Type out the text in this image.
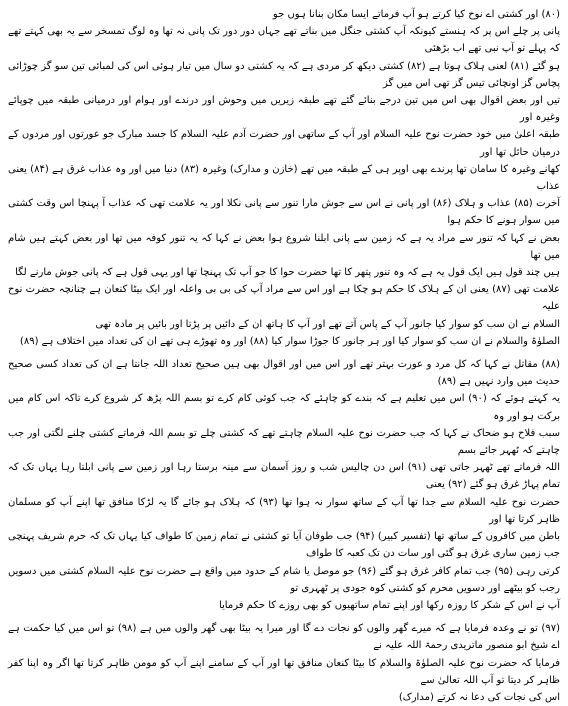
(۸۰) اور کشتی اے نوح کیا کرتے ہو آپ فرماتے ایسا مکان بنانا ہوں جو
پانی پر چلے اس پر کہ ہنستے کیونکہ آپ کشتی جنگل میں بناتے تھے جہاں دور دور تک پانی نہ تھا وہ لوگ تمسخر سے یہ بھی کہتے تھے کہ پہلے تو آپ نبی تھے اب بڑھئی
ہو گئے (۸۱) لعنی ہلاک ہوتا ہے (۸۲) کشتی دیکھ کر مردی ہے کہ یہ کشتی دو سال میں تیار ہوئی اس کی لمبائی تین سو گز چوڑائی پچاس گز اونچائی تیس گز تھی اس میں گز
تیں اور بعض اقوال بھی اس میں تین درجے بنائے گئے تھے طبقہ زیریں میں وحوش اور درندے اور ہوام اور درمیانی طبقہ میں چوپائے وغیرہ اور
طبقہ اعلیٰ میں خود حضرت نوح علیہ السلام اور آپ کے ساتھی اور حضرت آدم علیہ السلام کا جسد مبارک جو عورتوں اور مردوں کے درمیان حائل تھا اور
کھانے وغیرہ کا سامان تھا پرندے بھی اوپر ہی کے طبقہ میں تھے (خازن و مدارک) وغیرہ (۸۳) دنیا میں اور وہ عذاب غرق ہے (۸۴) یعنی عذاب
آخرت (۸۵) عذاب و ہلاک (۸۶) اور پانی نے اس سے جوش مارا تنور سے پانی نکلا اور یہ علامت تھی کہ عذاب آ پہنچا اس وقت کشتی میں سوار ہونے کا حکم ہوا
بعض نے کہا کہ تنور سے مراد یہ ہے کہ زمین سے پانی ابلنا شروع ہوا بعض نے کہا کہ یہ تنور کوفہ میں تھا اور بعض کہتے ہیں شام میں تھا
ہیں چند قول ہیں ایک قول یہ ہے کہ وہ تنور پتھر کا تھا حضرت حوا کا جو آپ تک پہنچا تھا اور یہی قول ہے کہ پانی جوش مارنے لگا
علامت تھی (۸۷) یعنی ان کے ہلاک کا حکم ہو چکا ہے اور اس سے مراد آپ کی بی بی واعلہ اور ایک بیٹا کنعان ہے چنانچہ حضرت نوح علیہ
السلام نے ان سب کو سوار کیا جانور آپ کے پاس آتے تھے اور آپ کا ہاتھ ان کے دائیں پر پڑتا اور بائیں پر مادہ تھی
الصلوٰۃ والسلام نے ان سب کو سوار کیا اور ہر جانور کا جوڑا سوار کیا (۸۸) اور وہ تھوڑے ہی تھے ان کی تعداد میں اختلاف ہے (۸۹)
(۸۸) مقاتل نے کہا کہ کل مرد و عورت بہتر تھے اور اس میں اور اقوال بھی ہیں صحیح تعداد اللہ جانتا ہے ان کی تعداد کسی صحیح حدیث میں وارد نہیں ہے (۸۹)
یہ کہتے ہوئے کہ (۹۰) اس میں تعلیم ہے کہ بندے کو چاہئے کہ جب کوئی کام کرے تو بسم اللہ پڑھ کر شروع کرے تاکہ اس کام میں برکت ہو اور وہ
سبب فلاح ہو ضحاک نے کہا کہ جب حضرت نوح علیہ السلام چاہتے تھے کہ کشتی چلے تو بسم اللہ فرماتے کشتی چلنے لگتی اور جب چاہتے کہ ٹھہر جائے بسم
اللہ فرماتے تھے ٹھہر جاتی تھی (۹۱) اس دن چالیس شب و روز آسمان سے مینہ برستا رہا اور زمین سے پانی ابلتا رہا یہاں تک کہ تمام پہاڑ غرق ہو گئے (۹۲) یعنی
حضرت نوح علیہ السلام سے جدا تھا آپ کے ساتھ سوار نہ ہوا تھا (۹۳) کہ ہلاک ہو جائے گا یہ لڑکا منافق تھا اپنے آپ کو مسلمان ظاہر کرتا تھا اور
باطن میں کافروں کے ساتھ تھا (تفسیر کبیر) (۹۴) جب طوفان آیا تو کشتی نے تمام زمین کا طواف کیا یہاں تک کہ حرم شریف پہنچی جب زمین ساری غرق ہو گئی اور سات دن تک کعبہ کا طواف
کرتی رہی (۹۵) جب تمام کافر غرق ہو گئے (۹۶) جو موصل یا شام کے حدود میں واقع ہے حضرت نوح علیہ السلام کشتی میں دسویں رجب کو بیٹھے اور دسویں محرم کو کشتی کوہ جودی پر ٹھہری تو
آپ نے اس کے شکر کا روزہ رکھا اور اپنے تمام ساتھیوں کو بھی روزے کا حکم فرمایا
(۹۷) تو نے وعدہ فرمایا ہے کہ میرے گھر والوں کو نجات دے گا اور میرا یہ بیٹا بھی گھر والوں میں ہے (۹۸) تو اس میں کیا حکمت ہے اے شیخ ابو منصور ماتریدی رحمۃ اللہ علیہ نے
فرمایا کہ حضرت نوح علیہ الصلوٰۃ والسلام کا بیٹا کنعان منافق تھا اور آپ کے سامنے اپنے آپ کو مومن ظاہر کرتا تھا اگر وہ اپنا کفر ظاہر کر دیتا تو آپ اللہ تعالیٰ سے
اس کی نجات کی دعا نہ کرتے (مدارک)
